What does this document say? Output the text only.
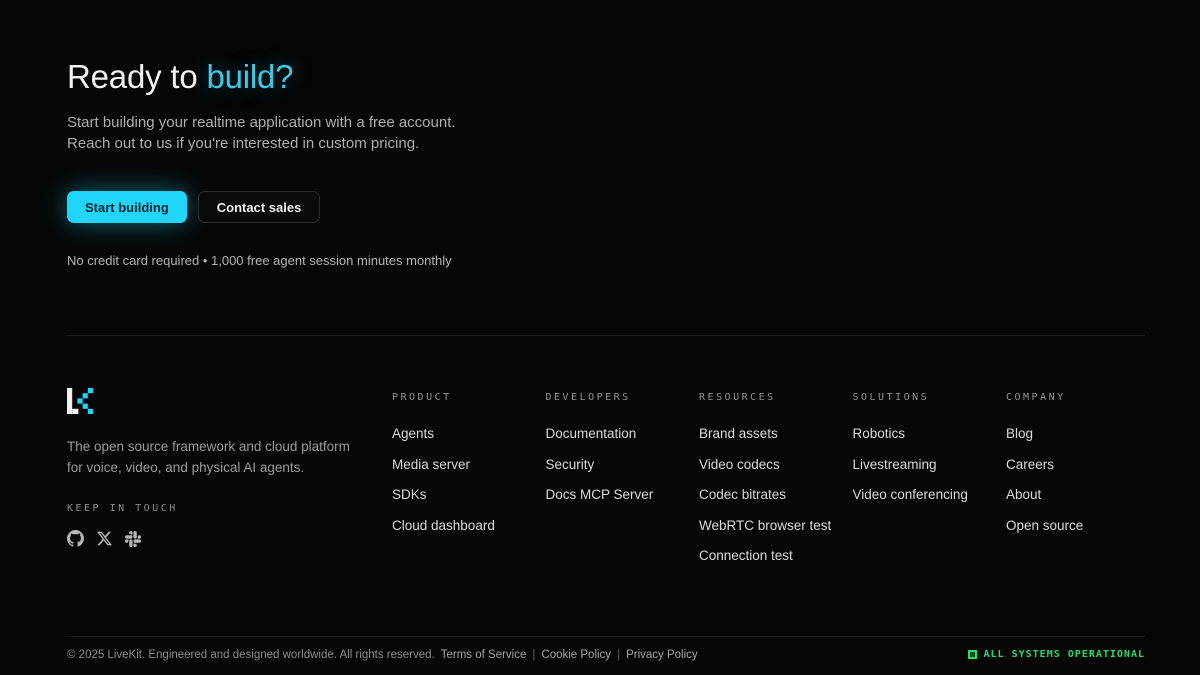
Ready to build?

Start building your realtime application with a free account.
Reach out to us if you're interested in custom pricing.

Start building	Contact sales

No credit card required • 1,000 free agent session minutes monthly

The open source framework and cloud platform
for voice, video, and physical AI agents.

KEEP IN TOUCH
PRODUCT
Agents
Media server
SDKs
Cloud dashboard
DEVELOPERS
Documentation
Security
Docs MCP Server
RESOURCES
Brand assets
Video codecs
Codec bitrates
WebRTC browser test
Connection test
SOLUTIONS
Robotics
Livestreaming
Video conferencing
COMPANY
Blog
Careers
About
Open source
© 2025 LiveKit. Engineered and designed worldwide. All rights reserved. Terms of Service | Cookie Policy | Privacy Policy	ALL SYSTEMS OPERATIONAL
